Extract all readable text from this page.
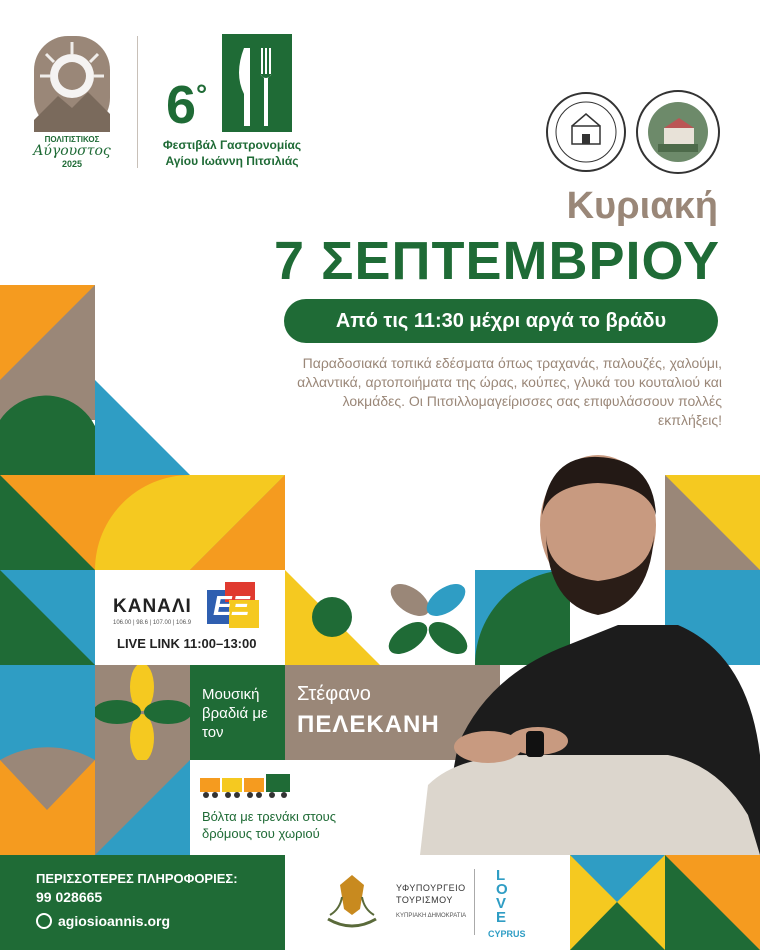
ΠΟΛΙΤΙΣΤΙΚΟΣ
Αύγουστος
2025
6°
Φεστιβάλ Γαστρονομίας
Αγίου Ιωάννη Πιτσιλιάς
Κυριακή
7 ΣΕΠΤΕΜΒΡΙΟΥ
Από τις 11:30 μέχρι αργά το βράδυ
Παραδοσιακά τοπικά εδέσματα όπως τραχανάς, παλουζές, χαλούμι, αλλαντικά, αρτοποιήματα της ώρας, κούπες, γλυκά του κουταλιού και λοκμάδες. Οι Πιτσιλλομαγείρισσες σας επιφυλάσσουν πολλές εκπλήξεις!
ΚΑΝΑΛΙ ΕΞ
106.00 | 98.6 | 107.00 | 106.9
LIVE LINK 11:00–13:00
Μουσική βραδιά με τον
Στέφανο
ΠΕΛΕΚΑΝΗ
Βόλτα με τρενάκι στους δρόμους του χωριού
ΠΕΡΙΣΣΟΤΕΡΕΣ ΠΛΗΡΟΦΟΡΙΕΣ:
99 028665
agiosioannis.org
ΥΦΥΠΟΥΡΓΕΙΟ
ΤΟΥΡΙΣΜΟΥ
ΚΥΠΡΙΑΚΗ ΔΗΜΟΚΡΑΤΙΑ
LOVE
CYPRUS
